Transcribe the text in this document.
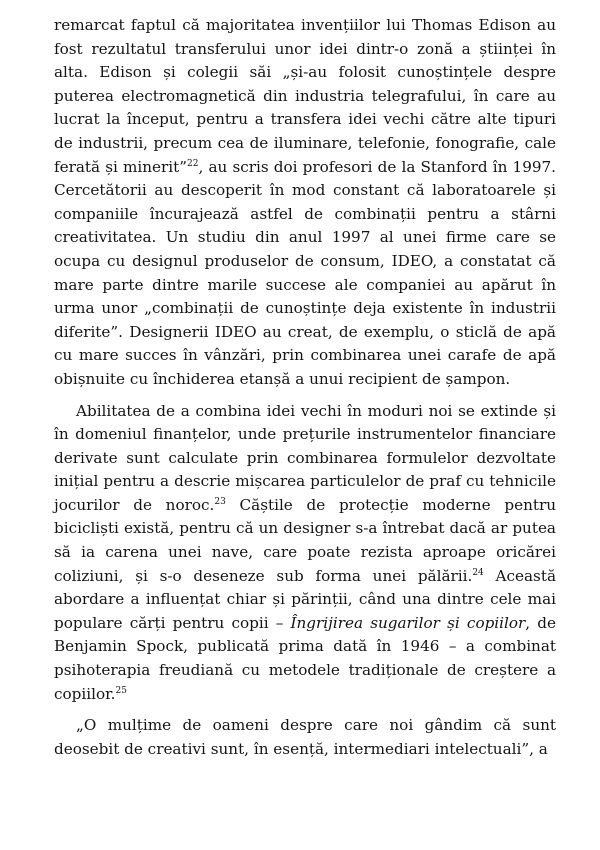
remarcat faptul că majoritatea invențiilor lui Thomas Edison au fost rezultatul transferului unor idei dintr-o zonă a științei în alta. Edison și colegii săi „și-au folosit cunoștințele despre puterea electromagnetică din industria telegrafului, în care au lucrat la început, pentru a transfera idei vechi către alte tipuri de industrii, precum cea de iluminare, telefonie, fonografie, cale ferată și minerit”$^{22}$, au scris doi profesori de la Stanford în 1997. Cercetătorii au descoperit în mod constant că laboratoarele și companiile încurajează astfel de combinații pentru a stârni creativitatea. Un studiu din anul 1997 al unei firme care se ocupa cu designul produselor de consum, IDEO, a constatat că mare parte dintre marile succese ale companiei au apărut în urma unor „combinații de cunoștințe deja existente în industrii diferite”. Designerii IDEO au creat, de exemplu, o sticlă de apă cu mare succes în vânzări, prin combinarea unei carafe de apă obișnuite cu închiderea etanșă a unui recipient de șampon.

Abilitatea de a combina idei vechi în moduri noi se extinde și în domeniul finanțelor, unde prețurile instrumentelor financiare derivate sunt calculate prin combinarea formulelor dezvoltate inițial pentru a descrie mișcarea particulelor de praf cu tehnicile jocurilor de noroc.$^{23}$ Căștile de protecție moderne pentru bicicliști există, pentru că un designer s-a întrebat dacă ar putea să ia carena unei nave, care poate rezista aproape oricărei coliziuni, și s-o deseneze sub forma unei pălării.$^{24}$ Această abordare a influențat chiar și părinții, când una dintre cele mai populare cărți pentru copii – Îngrijirea sugarilor și copiilor, de Benjamin Spock, publicată prima dată în 1946 – a combinat psihoterapia freudiană cu metodele tradiționale de creștere a copiilor.$^{25}$

„O mulțime de oameni despre care noi gândim că sunt deosebit de creativi sunt, în esență, intermediari intelectuali”, a
